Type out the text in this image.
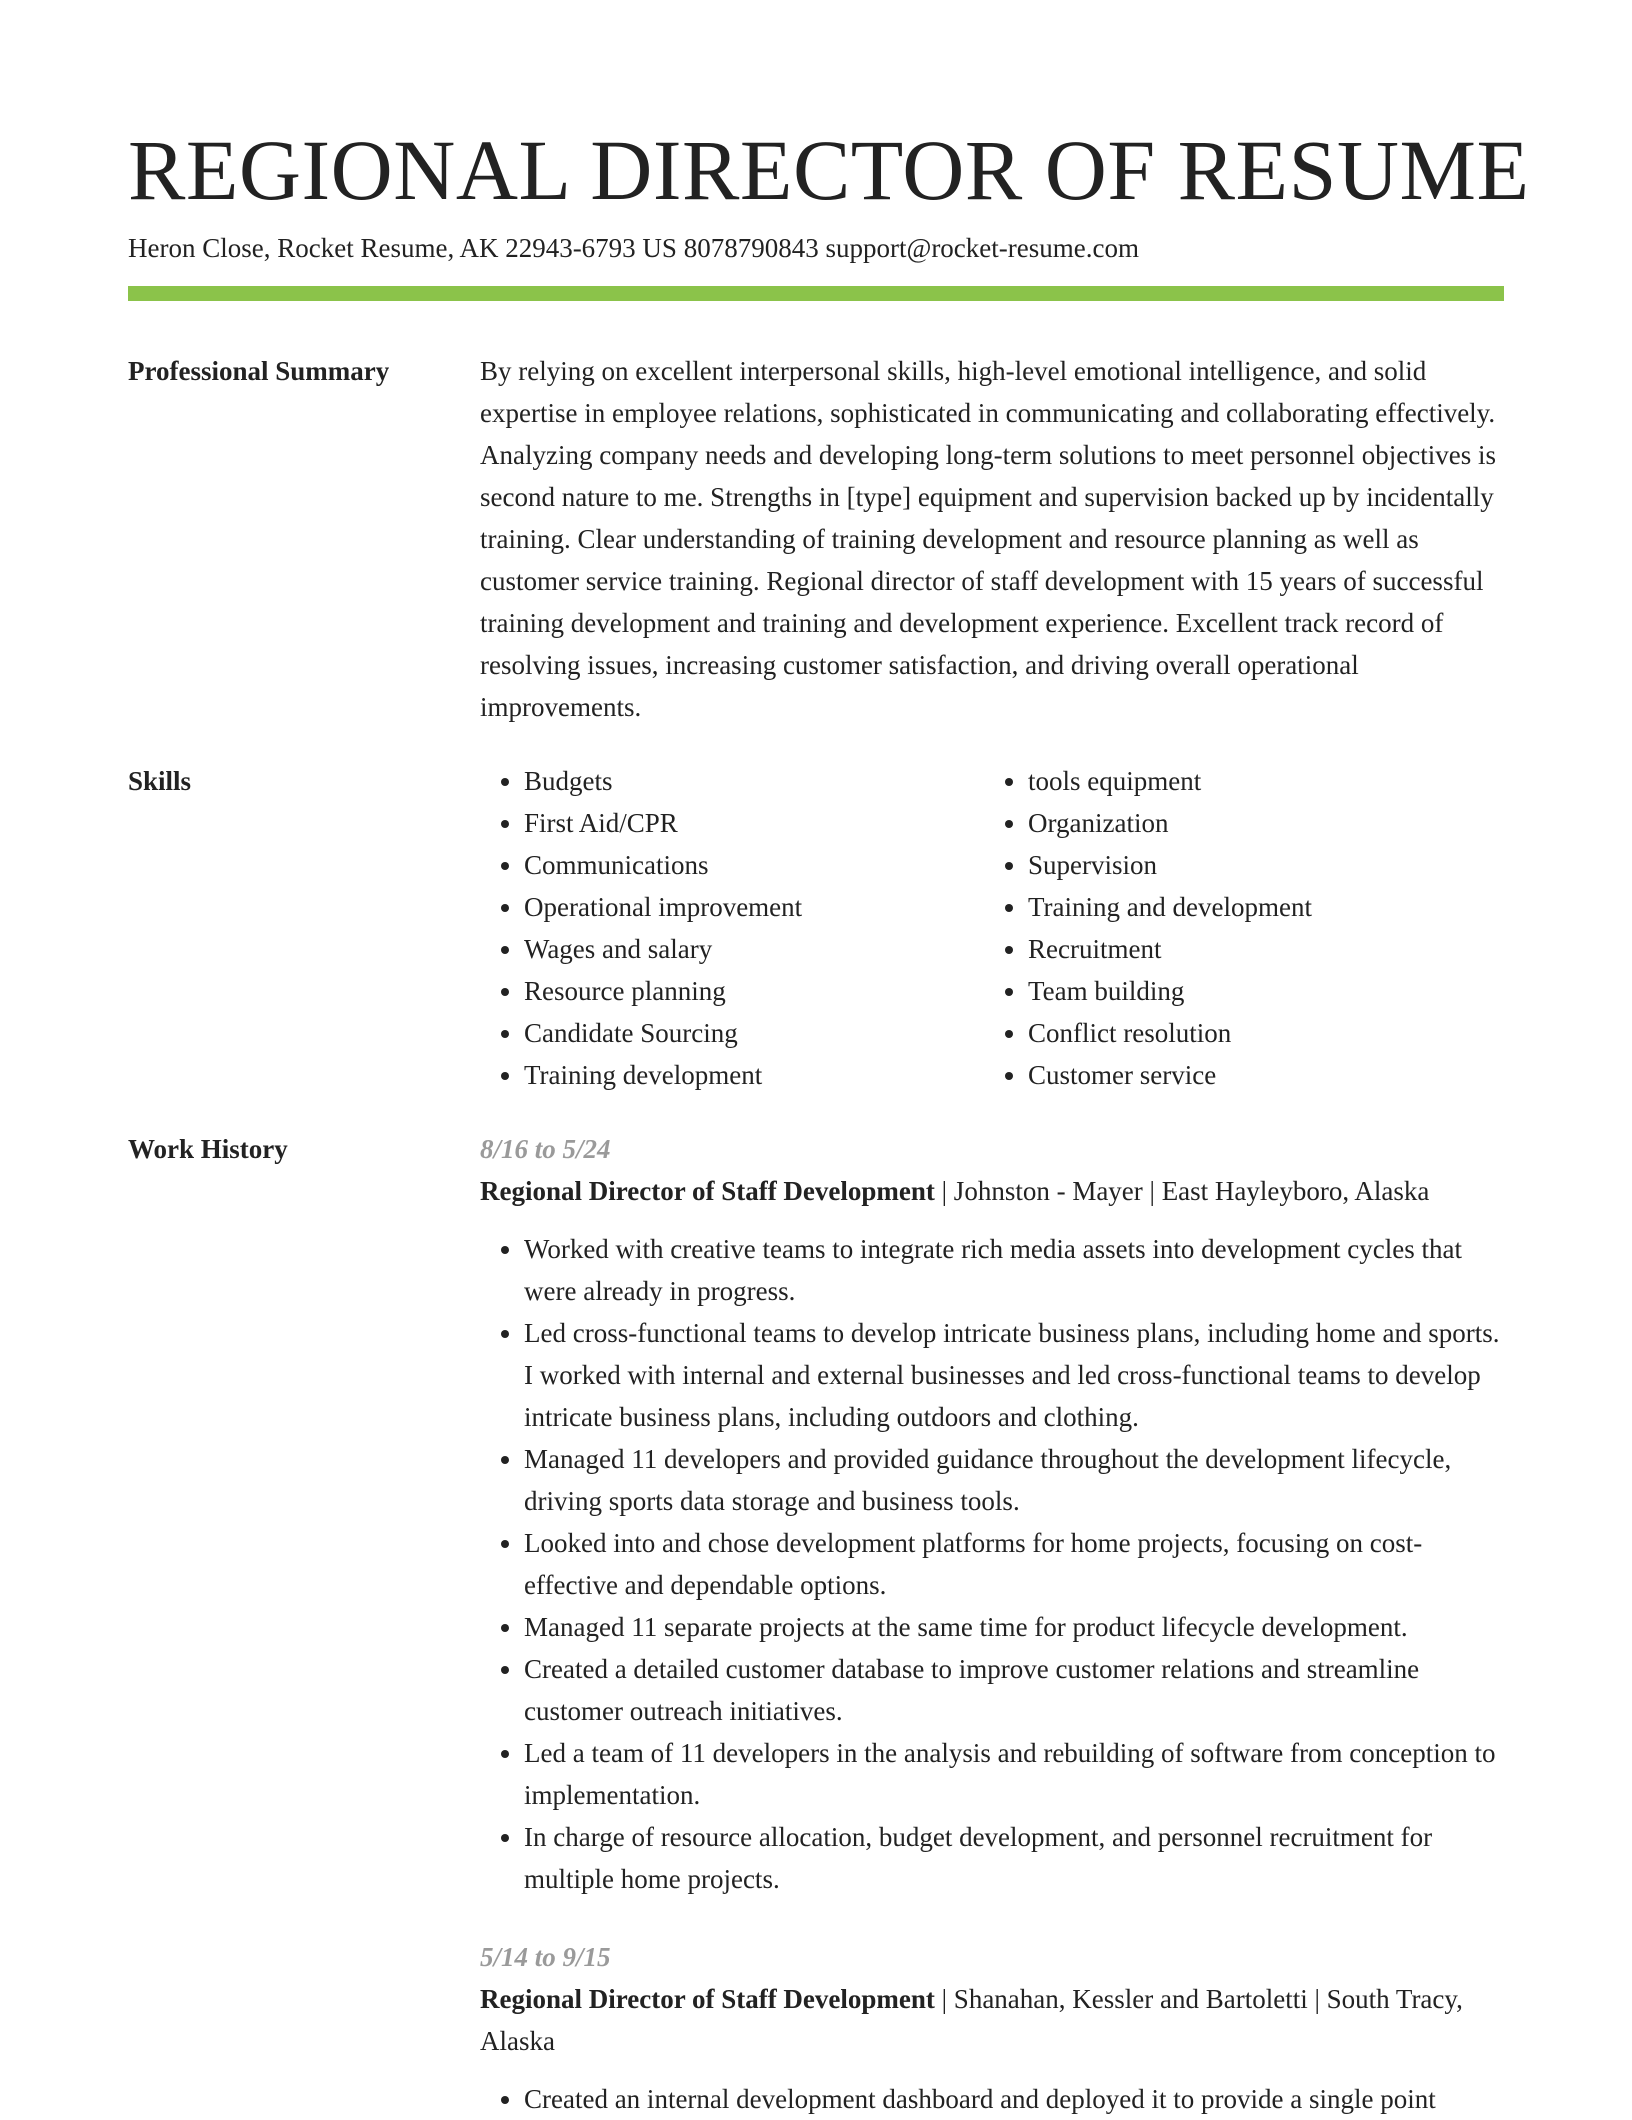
REGIONAL DIRECTOR OF RESUME

Heron Close, Rocket Resume, AK 22943-6793 US 8078790843 support@rocket-resume.com

Professional Summary	By relying on excellent interpersonal skills, high-level emotional intelligence, and solid expertise in employee relations, sophisticated in communicating and collaborating effectively. Analyzing company needs and developing long-term solutions to meet personnel objectives is second nature to me. Strengths in [type] equipment and supervision backed up by incidentally training. Clear understanding of training development and resource planning as well as customer service training. Regional director of staff development with 15 years of successful training development and training and development experience. Excellent track record of resolving issues, increasing customer satisfaction, and driving overall operational improvements.

Skills
•	Budgets
• First Aid/CPR
• Communications
• Operational improvement
• Wages and salary
• Resource planning
• Candidate Sourcing
• Training development
• tools equipment
• Organization
• Supervision
• Training and development
• Recruitment
• Team building
• Conflict resolution
• Customer service
Work History	8/16 to 5/24

Regional Director of Staff Development | Johnston - Mayer | East Hayleyboro, Alaska

• Worked with creative teams to integrate rich media assets into development cycles that were already in progress.
• Led cross-functional teams to develop intricate business plans, including home and sports. I worked with internal and external businesses and led cross-functional teams to develop intricate business plans, including outdoors and clothing.
• Managed 11 developers and provided guidance throughout the development lifecycle, driving sports data storage and business tools.
• Looked into and chose development platforms for home projects, focusing on cost-effective and dependable options.
• Managed 11 separate projects at the same time for product lifecycle development.
• Created a detailed customer database to improve customer relations and streamline customer outreach initiatives.
• Led a team of 11 developers in the analysis and rebuilding of software from conception to implementation.
• In charge of resource allocation, budget development, and personnel recruitment for multiple home projects.

5/14 to 9/15

Regional Director of Staff Development | Shanahan, Kessler and Bartoletti | South Tracy, Alaska

• Created an internal development dashboard and deployed it to provide a single point
